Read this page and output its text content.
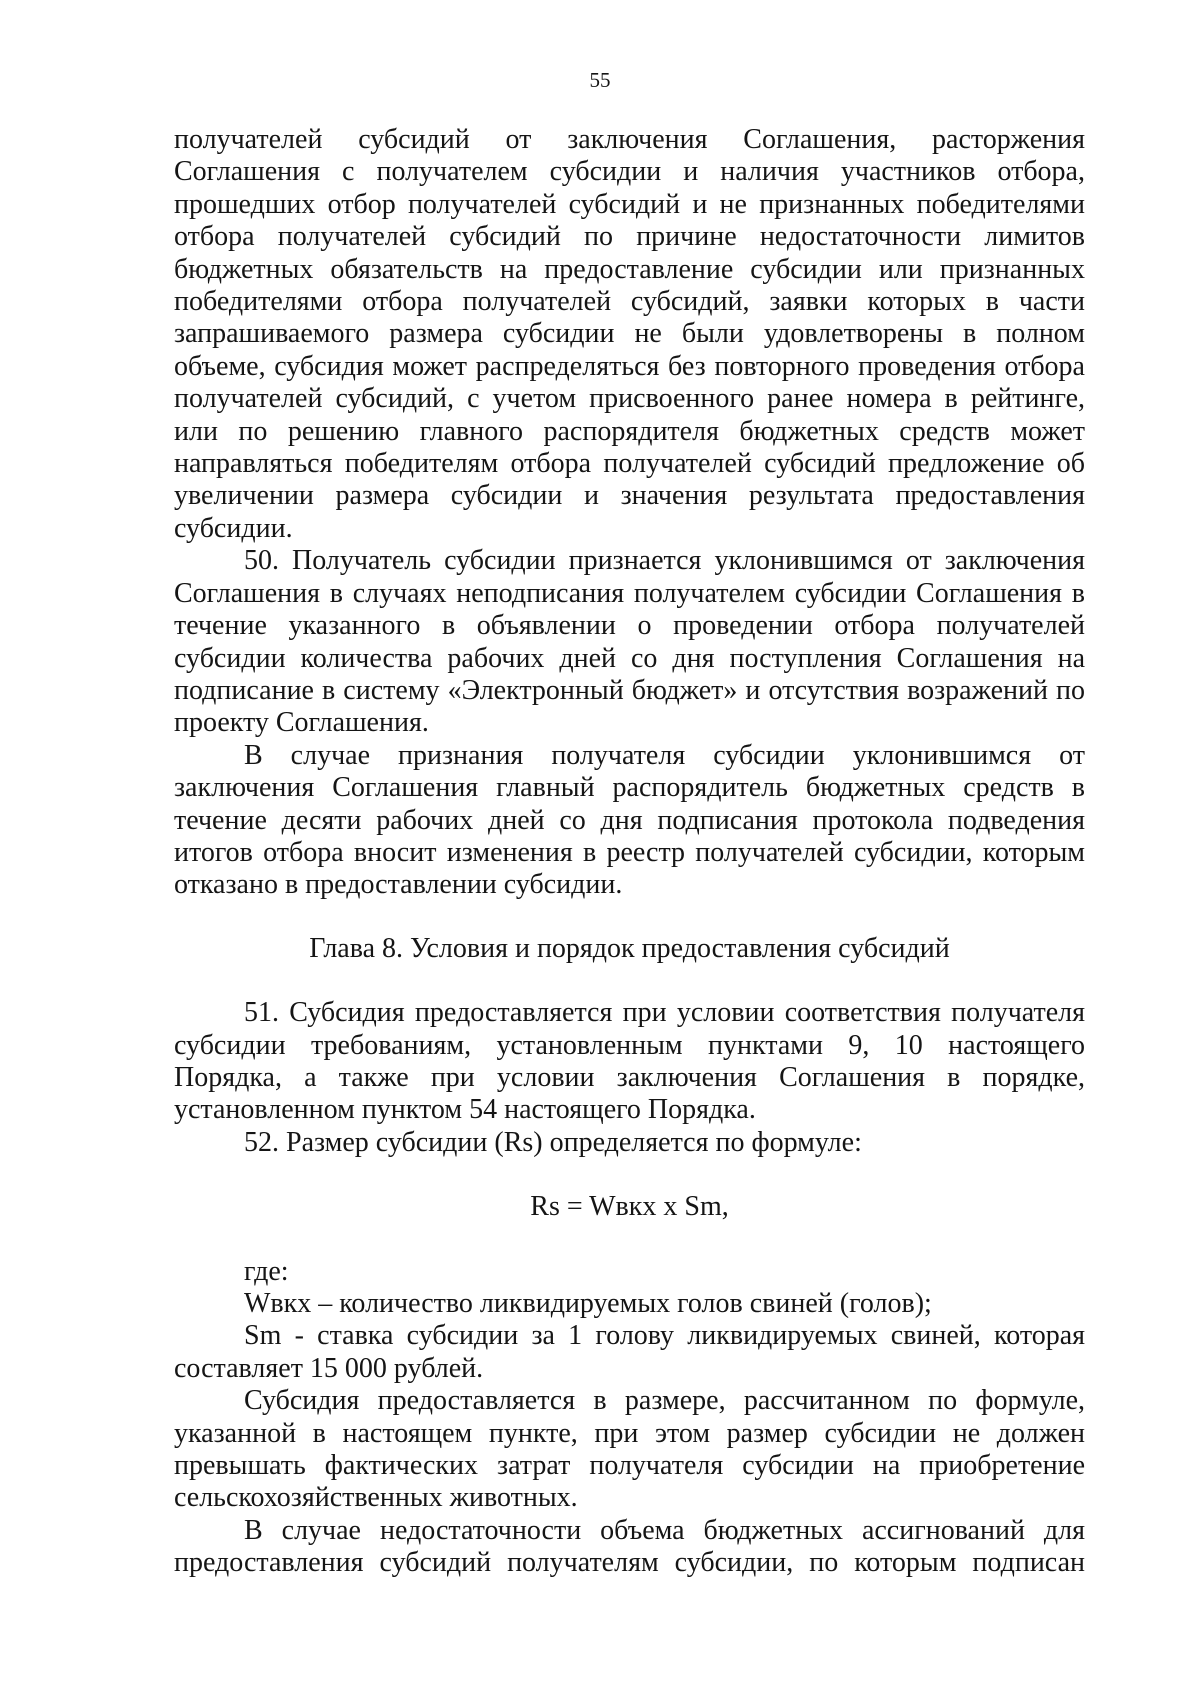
55
получателей субсидий от заключения Соглашения, расторжения
Соглашения с получателем субсидии и наличия участников отбора,
прошедших отбор получателей субсидий и не признанных победителями
отбора получателей субсидий по причине недостаточности лимитов
бюджетных обязательств на предоставление субсидии или признанных
победителями отбора получателей субсидий, заявки которых в части
запрашиваемого размера субсидии не были удовлетворены в полном
объеме, субсидия может распределяться без повторного проведения отбора
получателей субсидий, с учетом присвоенного ранее номера в рейтинге,
или по решению главного распорядителя бюджетных средств может
направляться победителям отбора получателей субсидий предложение об
увеличении размера субсидии и значения результата предоставления
субсидии.
50. Получатель субсидии признается уклонившимся от заключения
Соглашения в случаях неподписания получателем субсидии Соглашения в
течение указанного в объявлении о проведении отбора получателей
субсидии количества рабочих дней со дня поступления Соглашения на
подписание в систему «Электронный бюджет» и отсутствия возражений по
проекту Соглашения.
В случае признания получателя субсидии уклонившимся от
заключения Соглашения главный распорядитель бюджетных средств в
течение десяти рабочих дней со дня подписания протокола подведения
итогов отбора вносит изменения в реестр получателей субсидии, которым
отказано в предоставлении субсидии.
Глава 8. Условия и порядок предоставления субсидий
51. Субсидия предоставляется при условии соответствия получателя
субсидии требованиям, установленным пунктами 9, 10 настоящего
Порядка, а также при условии заключения Соглашения в порядке,
установленном пунктом 54 настоящего Порядка.
52. Размер субсидии (Rs) определяется по формуле:
Rs = Wвкх х Sm,
где:
Wвкх – количество ликвидируемых голов свиней (голов);
Sm - ставка субсидии за 1 голову ликвидируемых свиней, которая
составляет 15 000 рублей.
Субсидия предоставляется в размере, рассчитанном по формуле,
указанной в настоящем пункте, при этом размер субсидии не должен
превышать фактических затрат получателя субсидии на приобретение
сельскохозяйственных животных.
В случае недостаточности объема бюджетных ассигнований для
предоставления субсидий получателям субсидии, по которым подписан
